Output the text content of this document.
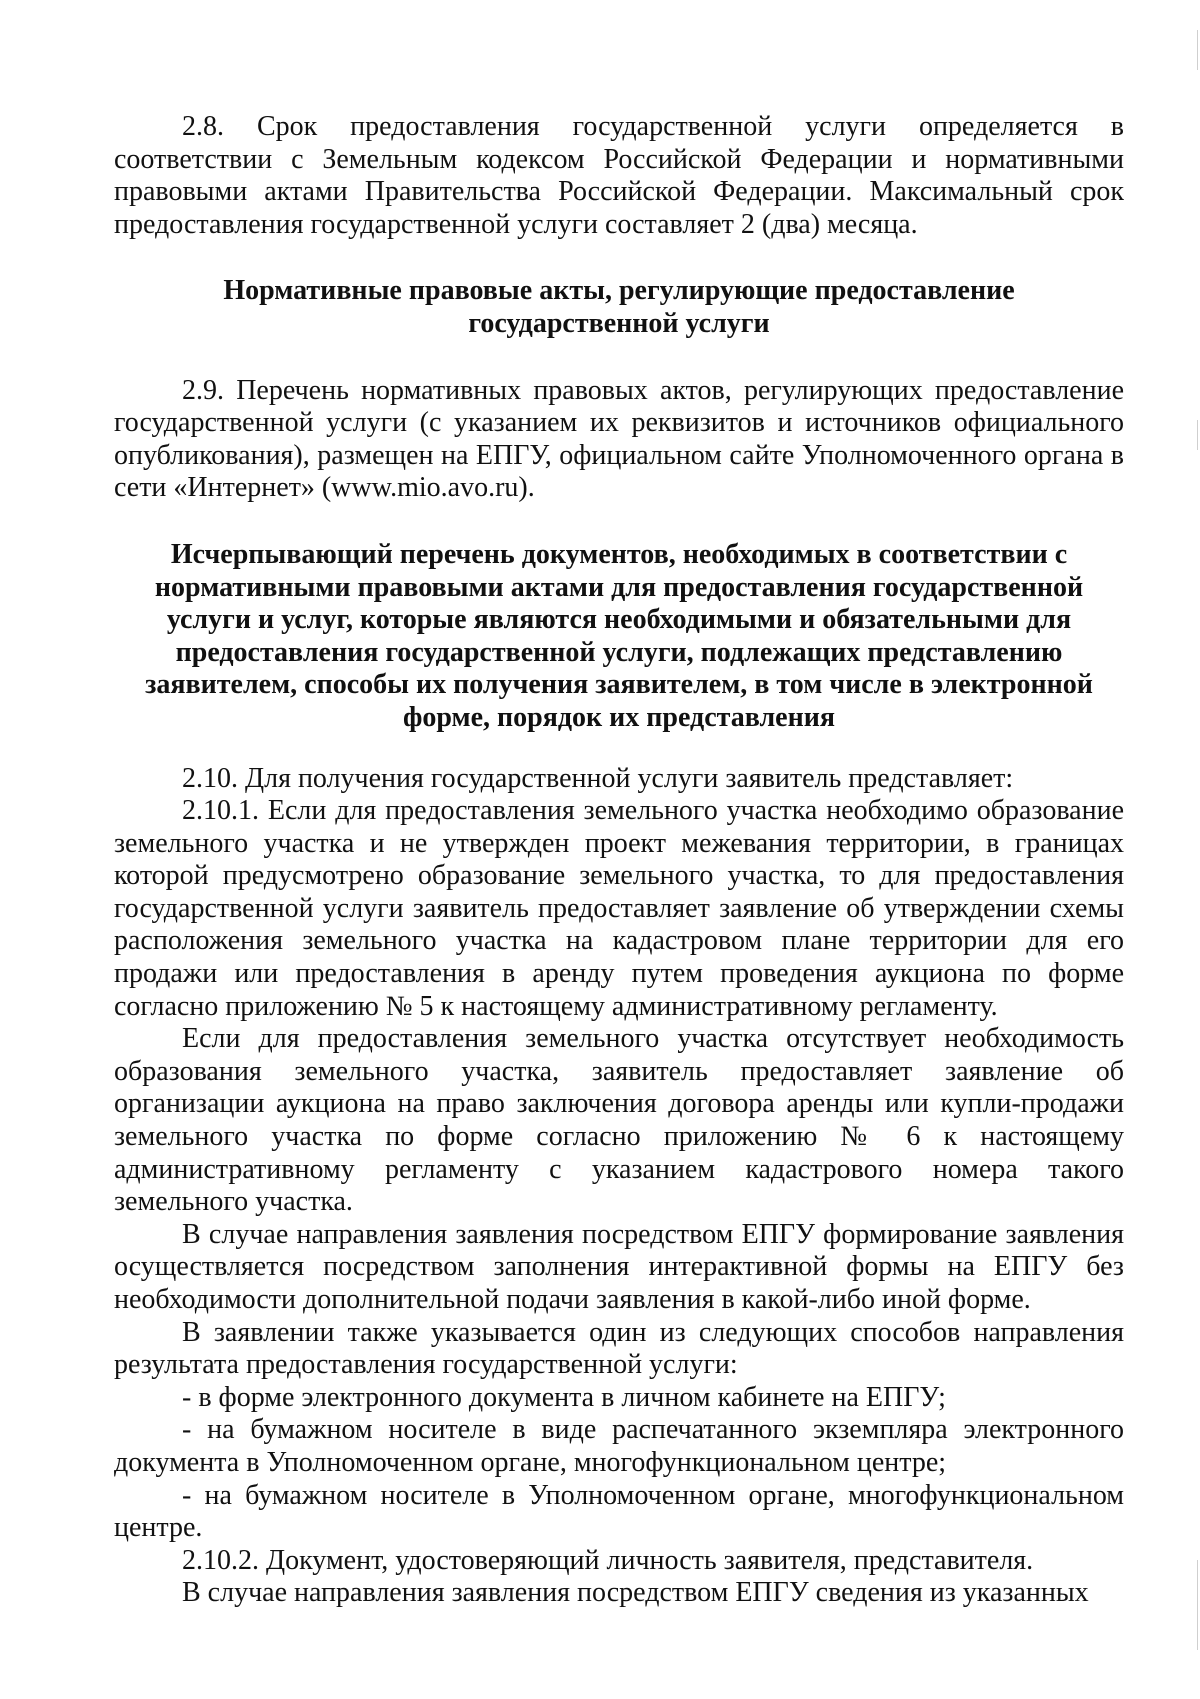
2.8. Срок предоставления государственной услуги определяется в соответствии с Земельным кодексом Российской Федерации и нормативными правовыми актами Правительства Российской Федерации. Максимальный срок предоставления государственной услуги составляет 2 (два) месяца.

Нормативные правовые акты, регулирующие предоставление
государственной услуги

2.9. Перечень нормативных правовых актов, регулирующих предоставление государственной услуги (с указанием их реквизитов и источников официального опубликования), размещен на ЕПГУ, официальном сайте Уполномоченного органа в сети «Интернет» (www.mio.avo.ru).

Исчерпывающий перечень документов, необходимых в соответствии с нормативными правовыми актами для предоставления государственной услуги и услуг, которые являются необходимыми и обязательными для предоставления государственной услуги, подлежащих представлению заявителем, способы их получения заявителем, в том числе в электронной форме, порядок их представления

2.10. Для получения государственной услуги заявитель представляет:

2.10.1. Если для предоставления земельного участка необходимо образование земельного участка и не утвержден проект межевания территории, в границах которой предусмотрено образование земельного участка, то для предоставления государственной услуги заявитель предоставляет заявление об утверждении схемы расположения земельного участка на кадастровом плане территории для его продажи или предоставления в аренду путем проведения аукциона по форме согласно приложению № 5 к настоящему административному регламенту.

Если для предоставления земельного участка отсутствует необходимость образования земельного участка, заявитель предоставляет заявление об организации аукциона на право заключения договора аренды или купли-продажи земельного участка по форме согласно приложению № 6 к настоящему административному регламенту с указанием кадастрового номера такого земельного участка.

В случае направления заявления посредством ЕПГУ формирование заявления осуществляется посредством заполнения интерактивной формы на ЕПГУ без необходимости дополнительной подачи заявления в какой-либо иной форме.

В заявлении также указывается один из следующих способов направления результата предоставления государственной услуги:

- в форме электронного документа в личном кабинете на ЕПГУ;

- на бумажном носителе в виде распечатанного экземпляра электронного документа в Уполномоченном органе, многофункциональном центре;

- на бумажном носителе в Уполномоченном органе, многофункциональном центре.

2.10.2. Документ, удостоверяющий личность заявителя, представителя.

В случае направления заявления посредством ЕПГУ сведения из указанных
